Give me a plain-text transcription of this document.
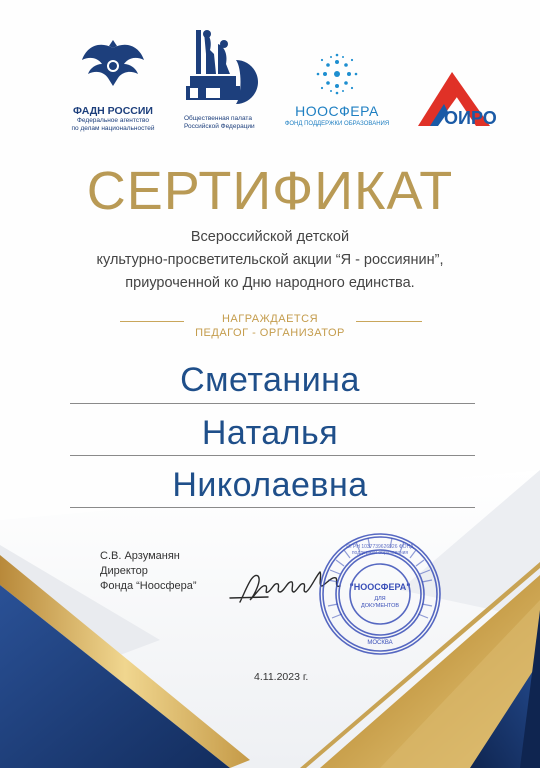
ФАДН РОССИИ
Федеральное агентство
по делам национальностей
Общественная палата
Российской Федерации
НООСФЕРА
ФОНД ПОДДЕРЖКИ ОБРАЗОВАНИЯ	ОИРО
СЕРТИФИКАТ
Всероссийской детской
культурно-просветительской акции “Я - россиянин”,
приуроченной ко Дню народного единства.
НАГРАЖДАЕТСЯ
ПЕДАГОГ - ОРГАНИЗАТОР
Сметанина
Наталья
Николаевна
С.В. Арзуманян
Директор
Фонда “Ноосфера”	"НООСФЕРА"
ДЛЯ ДОКУМЕНТОВ
ОГРН 1037739626926 ФОНД поддержки образования
МОСКВА
4.11.2023 г.
